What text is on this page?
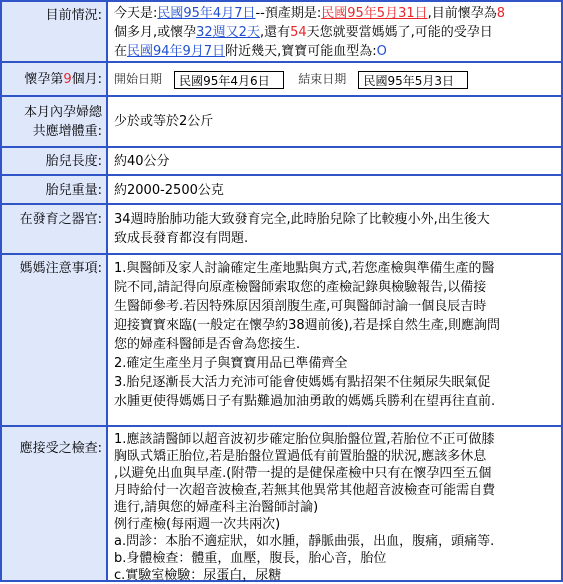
目前情況: 今天是:民國95年4月7日--預產期是:民國95年5月31日,目前懷孕為8

個多月,或懷孕32週又2天,還有54天您就要當媽媽了,可能的受孕日

在民國94年9月7日附近幾天,寶寶可能血型為:O

懷孕第9個月:	開始日期 民國95年4月6日 結束日期 民國95年5月3日
本月內孕婦總
共應增體重:
少於或等於2公斤
胎兒長度: 約40公分
胎兒重量: 約2000-2500公克
在發育之器官: 34週時胎肺功能大致發育完全,此時胎兒除了比較瘦小外,出生後大

致成長發育都沒有問題.

媽媽注意事項: 1.與醫師及家人討論確定生產地點與方式,若您產檢與準備生產的醫

院不同,請記得向原產檢醫師索取您的產檢記錄與檢驗報告,以備接

生醫師參考.若因特殊原因須剖腹生產,可與醫師討論一個良辰吉時

迎接寶寶來臨(一般定在懷孕約38週前後),若是採自然生產,則應詢問

您的婦產科醫師是否會為您接生.

2.確定生產坐月子與寶寶用品已準備齊全

3.胎兒逐漸長大活力充沛可能會使媽媽有點招架不住頻尿失眠氣促

水腫更使得媽媽日子有點難過加油勇敢的媽媽兵勝利在望再往直前.

應接受之檢查:

1.應該請醫師以超音波初步確定胎位與胎盤位置,若胎位不正可做膝

胸臥式矯正胎位,若是胎盤位置過低有前置胎盤的狀況,應該多休息

,以避免出血與早產.(附帶一提的是健保產檢中只有在懷孕四至五個

月時給付一次超音波檢查,若無其他異常其他超音波檢查可能需自費

進行,請與您的婦產科主治醫師討論)

例行產檢(每兩週一次共兩次)

a.問診：本胎不適症狀，如水腫，靜脈曲張，出血，腹痛，頭痛等.

b.身體檢查：體重，血壓，腹長，胎心音，胎位

c.實驗室檢驗：尿蛋白，尿糖
